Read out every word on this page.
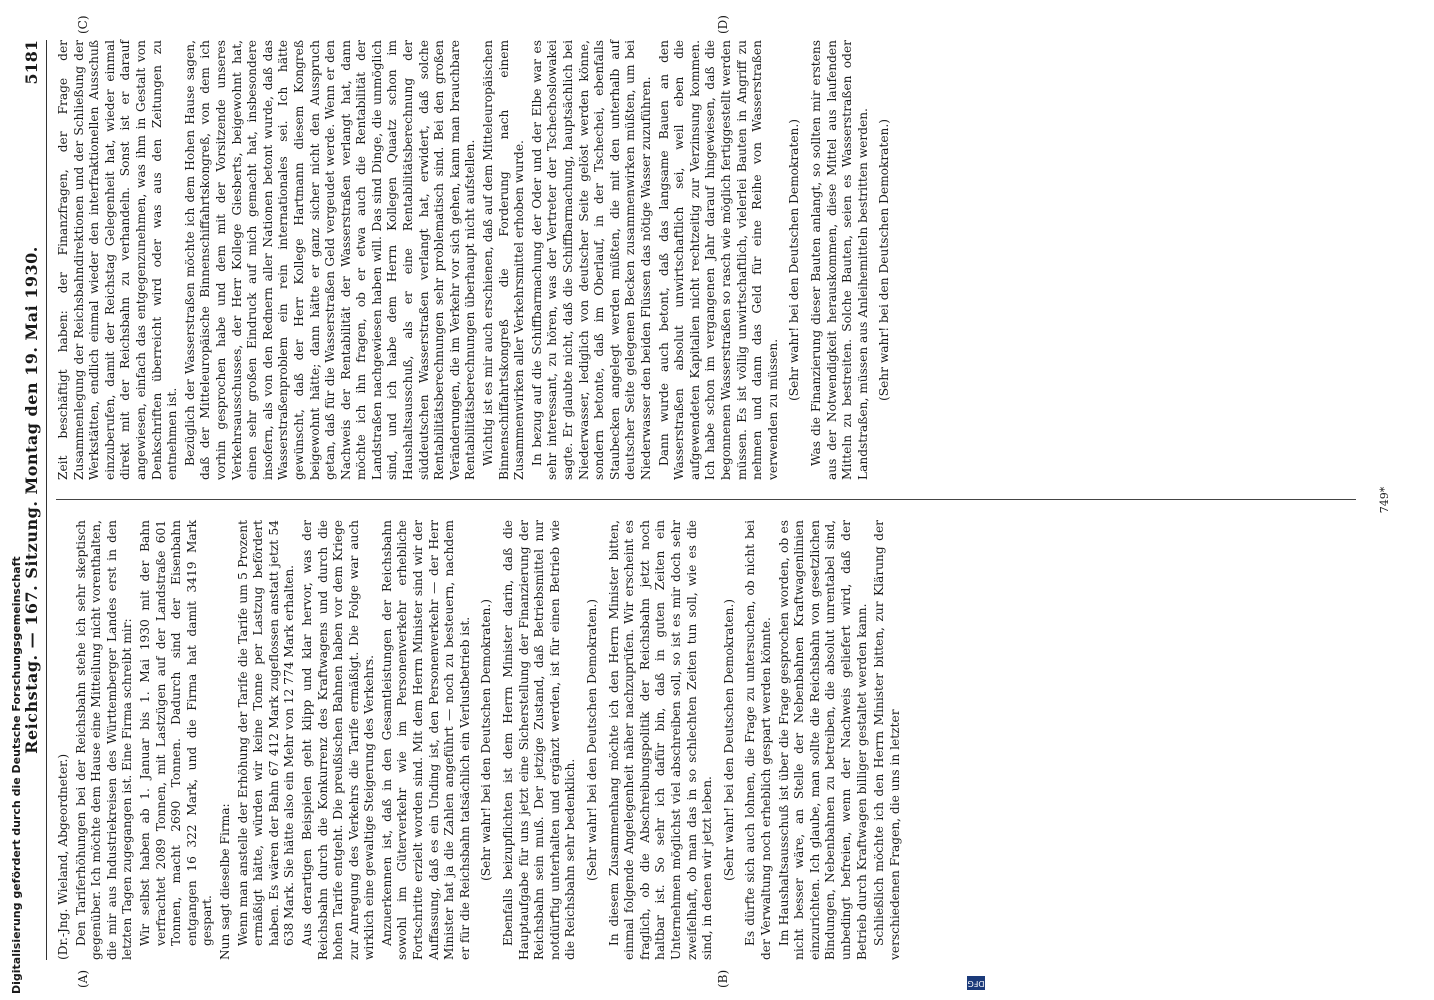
Reichstag. — 167. Sitzung. Montag den 19. Mai 1930.
5181
(A)	(B)
(C)	(D)

(Dr.-Jng. Wieland, Abgeordneter.) Den Tariferhöhungen bei der Reichsbahn stehe ich sehr skeptisch gegenüber. Ich möchte dem Hause eine Mitteilung nicht vorenthalten, die mir aus Industriekreisen des Württemberger Landes erst in den letzten Tagen zugegangen ist. Eine Firma schreibt mir: Wir selbst haben ab 1. Januar bis 1. Mai 1930 mit der Bahn verfrachtet 2089 Tonnen, mit Lastzügen auf der Landstraße 601 Tonnen, macht 2690 Tonnen. Dadurch sind der Eisenbahn entgangen 16 322 Mark, und die Firma hat damit 3419 Mark gespart. Nun sagt dieselbe Firma: Wenn man anstelle der Erhöhung der Tarife die Tarife um 5 Prozent ermäßigt hätte, würden wir keine Tonne per Lastzug befördert haben. Es wären der Bahn 67 412 Mark zugeflossen anstatt jetzt 54 638 Mark. Sie hätte also ein Mehr von 12 774 Mark erhalten. Aus derartigen Beispielen geht klipp und klar hervor, was der Reichsbahn durch die Konkurrenz des Kraftwagens und durch die hohen Tarife entgeht. Die preußischen Bahnen haben vor dem Kriege zur Anregung des Verkehrs die Tarife ermäßigt. Die Folge war auch wirklich eine gewaltige Steigerung des Verkehrs. Anzuerkennen ist, daß in den Gesamtleistungen der Reichsbahn sowohl im Güterverkehr wie im Personenverkehr erhebliche Fortschritte erzielt worden sind. Mit dem Herrn Minister sind wir der Auffassung, daß es ein Unding ist, den Personenverkehr — der Herr Minister hat ja die Zahlen angeführt — noch zu besteuern, nachdem er für die Reichsbahn tatsächlich ein Verlustbetrieb ist. (Sehr wahr! bei den Deutschen Demokraten.) Ebenfalls beizupflichten ist dem Herrn Minister darin, daß die Hauptaufgabe für uns jetzt eine Sicherstellung der Finanzierung der Reichsbahn sein muß. Der jetzige Zustand, daß Betriebsmittel nur notdürftig unterhalten und ergänzt werden, ist für einen Betrieb wie die Reichsbahn sehr bedenklich. (Sehr wahr! bei den Deutschen Demokraten.) In diesem Zusammenhang möchte ich den Herrn Minister bitten, einmal folgende Angelegenheit näher nachzuprüfen. Wir erscheint es fraglich, ob die Abschreibungspolitik der Reichsbahn jetzt noch haltbar ist. So sehr ich dafür bin, daß in guten Zeiten ein Unternehmen möglichst viel abschreiben soll, so ist es mir doch sehr zweifelhaft, ob man das in so schlechten Zeiten tun soll, wie es die sind, in denen wir jetzt leben. (Sehr wahr! bei den Deutschen Demokraten.) Es dürfte sich auch lohnen, die Frage zu untersuchen, ob nicht bei der Verwaltung noch erheblich gespart werden könnte. Im Haushaltsausschuß ist über die Frage gesprochen worden, ob es nicht besser wäre, an Stelle der Nebenbahnen Kraftwagenlinien einzurichten. Ich glaube, man sollte die Reichsbahn von gesetzlichen Bindungen, Nebenbahnen zu betreiben, die absolut unrentabel sind, unbedingt befreien, wenn der Nachweis geliefert wird, daß der Betrieb durch Kraftwagen billiger gestaltet werden kann. Schließlich möchte ich den Herrn Minister bitten, zur Klärung der verschiedenen Fragen, die uns in letzter

Zeit beschäftigt haben: der Finanzfragen, der Frage der Zusammenlegung der Reichsbahndirektionen und der Schließung der Werkstätten, endlich einmal wieder den interfraktionellen Ausschuß einzuberufen, damit der Reichstag Gelegenheit hat, wieder einmal direkt mit der Reichsbahn zu verhandeln. Sonst ist er darauf angewiesen, einfach das entgegenzunehmen, was ihm in Gestalt von Denkschriften überreicht wird oder was aus den Zeitungen zu entnehmen ist. Bezüglich der Wasserstraßen möchte ich dem Hohen Hause sagen, daß der Mitteleuropäische Binnenschiffahrtskongreß, von dem ich vorhin gesprochen habe und dem mit der Vorsitzende unseres Verkehrsausschusses, der Herr Kollege Giesberts, beigewohnt hat, einen sehr großen Eindruck auf mich gemacht hat, insbesondere insofern, als von den Rednern aller Nationen betont wurde, daß das Wasserstraßenproblem ein rein internationales sei. Ich hätte gewünscht, daß der Herr Kollege Hartmann diesem Kongreß beigewohnt hätte; dann hätte er ganz sicher nicht den Ausspruch getan, daß für die Wasserstraßen Geld vergeudet werde. Wenn er den Nachweis der Rentabilität der Wasserstraßen verlangt hat, dann möchte ich ihn fragen, ob er etwa auch die Rentabilität der Landstraßen nachgewiesen haben will. Das sind Dinge, die unmöglich sind, und ich habe dem Herrn Kollegen Quaatz schon im Haushaltsausschuß, als er eine Rentabilitätsberechnung der süddeutschen Wasserstraßen verlangt hat, erwidert, daß solche Rentabilitätsberechnungen sehr problematisch sind. Bei den großen Veränderungen, die im Verkehr vor sich gehen, kann man brauchbare Rentabilitätsberechnungen überhaupt nicht aufstellen. Wichtig ist es mir auch erschienen, daß auf dem Mitteleuropäischen Binnenschiffahrtskongreß die Forderung nach einem Zusammenwirken aller Verkehrsmittel erhoben wurde. In bezug auf die Schiffbarmachung der Oder und der Elbe war es sehr interessant, zu hören, was der Vertreter der Tschechoslowakei sagte. Er glaubte nicht, daß die Schiffbarmachung, hauptsächlich bei Niederwasser, lediglich von deutscher Seite gelöst werden könne, sondern betonte, daß im Oberlauf, in der Tschechei, ebenfalls Staubecken angelegt werden müßten, die mit den unterhalb auf deutscher Seite gelegenen Becken zusammenwirken müßten, um bei Niederwasser den beiden Flüssen das nötige Wasser zuzuführen. Dann wurde auch betont, daß das langsame Bauen an den Wasserstraßen absolut unwirtschaftlich sei, weil eben die aufgewendeten Kapitalien nicht rechtzeitig zur Verzinsung kommen. Ich habe schon im vergangenen Jahr darauf hingewiesen, daß die begonnenen Wasserstraßen so rasch wie möglich fertiggestellt werden müssen. Es ist völlig unwirtschaftlich, vielerlei Bauten in Angriff zu nehmen und dann das Geld für eine Reihe von Wasserstraßen verwenden zu müssen.

(Sehr wahr! bei den Deutschen Demokraten.) Was die Finanzierung dieser Bauten anlangt, so sollten mir erstens aus der Notwendigkeit herauskommen, diese Mittel aus laufenden Mitteln zu bestreiten. Solche Bauten, seien es Wasserstraßen oder Landstraßen, müssen aus Anleihemitteln bestritten werden. (Sehr wahr! bei den Deutschen Demokraten.)

749*
Digitalisierung gefördert durch die Deutsche Forschungsgemeinschaft	DFG
